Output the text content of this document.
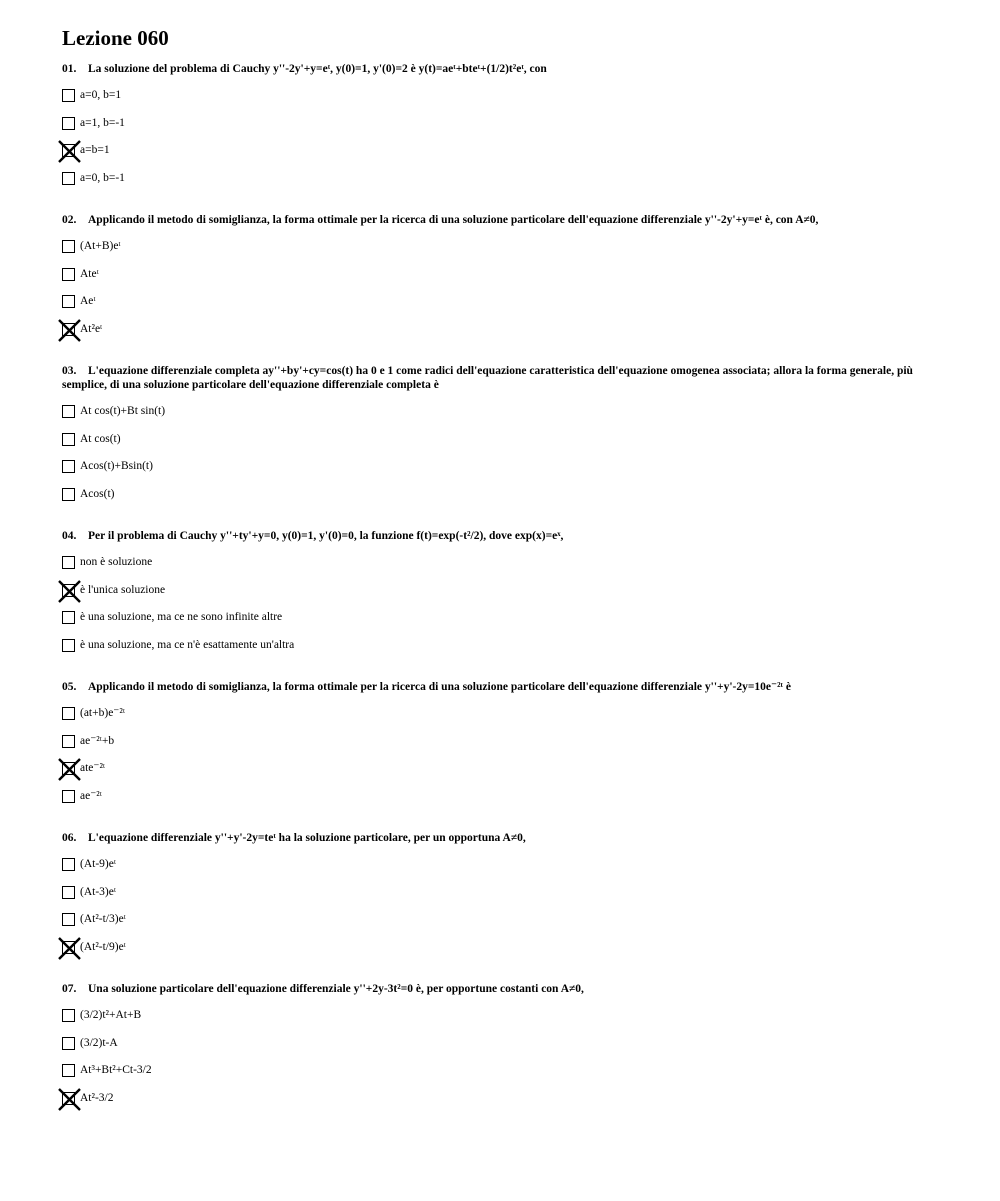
Lezione 060
01. La soluzione del problema di Cauchy y''-2y'+y=eᵗ, y(0)=1, y'(0)=2 è y(t)=aeᵗ+bteᵗ+(1/2)t²eᵗ, con
a=0, b=1
a=1, b=-1
a=b=1
a=0, b=-1
02. Applicando il metodo di somiglianza, la forma ottimale per la ricerca di una soluzione particolare dell'equazione differenziale y''-2y'+y=eᵗ è, con A≠0,
(At+B)eᵗ
Ateᵗ
Aeᵗ
At²eᵗ
03. L'equazione differenziale completa ay''+by'+cy=cos(t) ha 0 e 1 come radici dell'equazione caratteristica dell'equazione omogenea associata; allora la forma generale, più semplice, di una soluzione particolare dell'equazione differenziale completa è
At cos(t)+Bt sin(t)
At cos(t)
Acos(t)+Bsin(t)
Acos(t)
04. Per il problema di Cauchy y''+ty'+y=0, y(0)=1, y'(0)=0, la funzione f(t)=exp(-t²/2), dove exp(x)=eˣ,
non è soluzione
è l'unica soluzione
è una soluzione, ma ce ne sono infinite altre
è una soluzione, ma ce n'è esattamente un'altra
05. Applicando il metodo di somiglianza, la forma ottimale per la ricerca di una soluzione particolare dell'equazione differenziale y''+y'-2y=10e⁻²ᵗ è
(at+b)e⁻²ᵗ
ae⁻²ᵗ+b
ate⁻²ᵗ
ae⁻²ᵗ
06. L'equazione differenziale y''+y'-2y=teᵗ ha la soluzione particolare, per un opportuna A≠0,
(At-9)eᵗ
(At-3)eᵗ
(At²-t/3)eᵗ
(At²-t/9)eᵗ
07. Una soluzione particolare dell'equazione differenziale y''+2y-3t²=0 è, per opportune costanti con A≠0,
(3/2)t²+At+B
(3/2)t-A
At³+Bt²+Ct-3/2
At²-3/2
